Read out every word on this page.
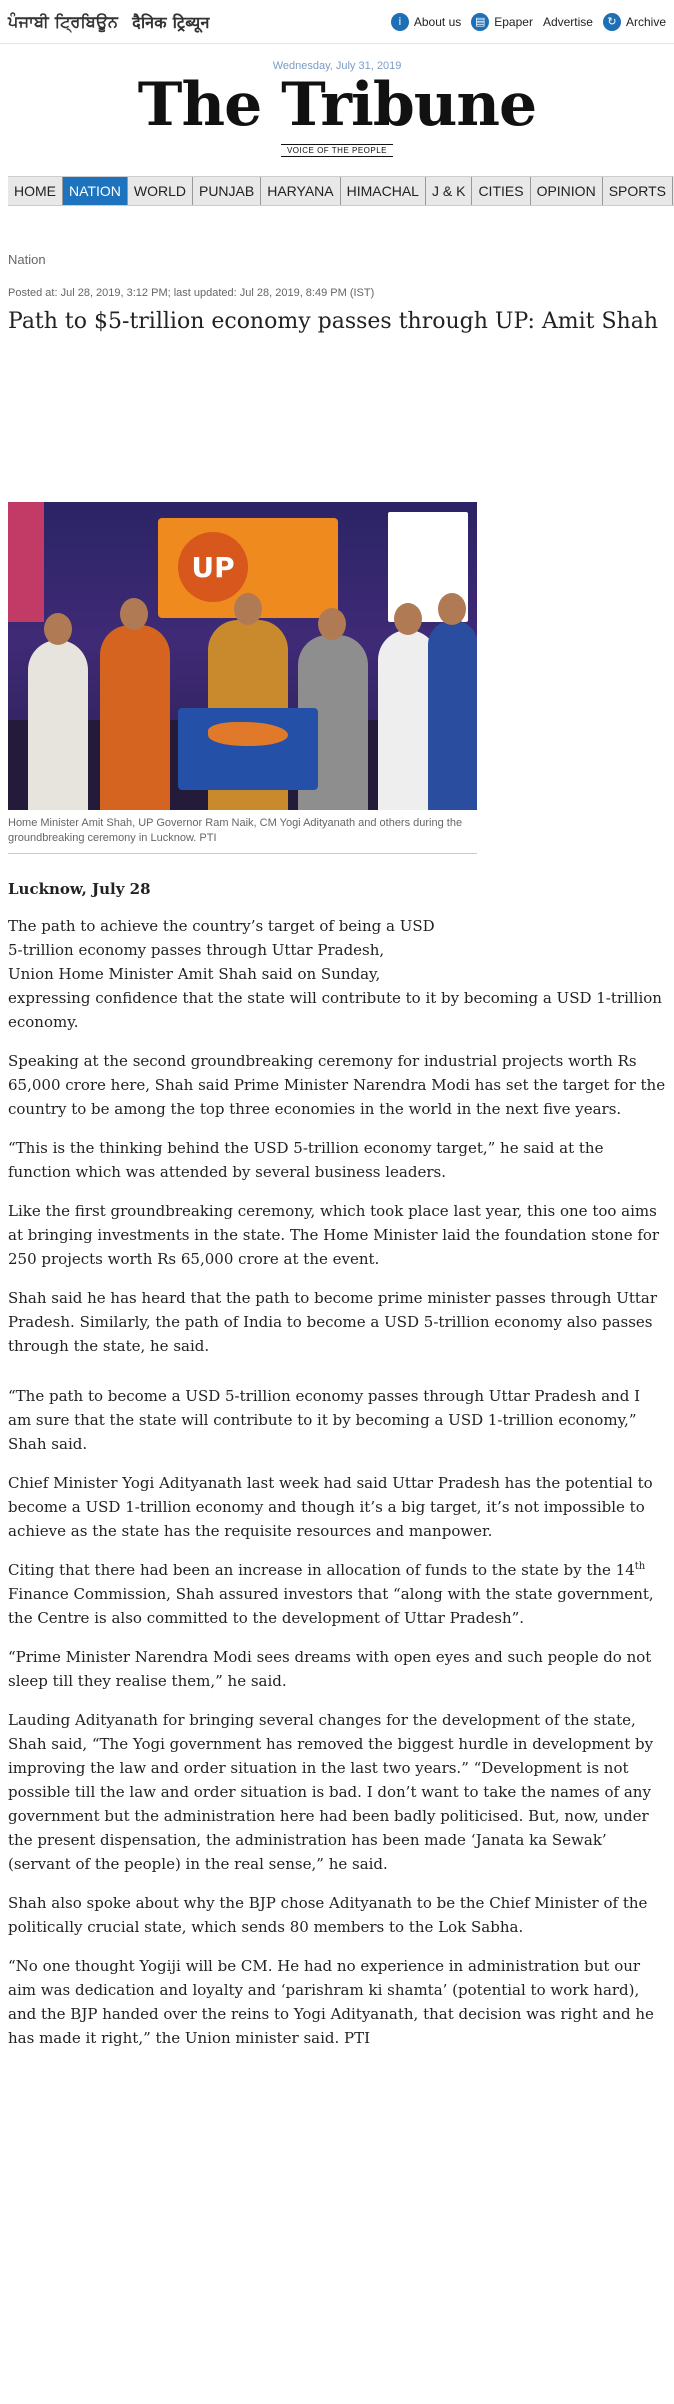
ਪੰਜਾਬੀ ਟ੍ਰਿਬਿਊਨ दैनिक ट्रिब्यून	i	About us	▤ Epaper Advertise	↻ Archive
Wednesday, July 31, 2019
The Tribune
VOICE OF THE PEOPLE
HOME NATION WORLD PUNJAB HARYANA HIMACHAL J & K CITIES OPINION SPORTS
Nation
Posted at: Jul 28, 2019, 3:12 PM; last updated: Jul 28, 2019, 8:49 PM (IST)
Path to $5-trillion economy passes through UP: Amit Shah
UP
Home Minister Amit Shah, UP Governor Ram Naik, CM Yogi Adityanath and others during the groundbreaking ceremony in Lucknow. PTI
Lucknow, July 28

The path to achieve the country’s target of being a USD
5-trillion economy passes through Uttar Pradesh,
Union Home Minister Amit Shah said on Sunday,
expressing confidence that the state will contribute to it by becoming a USD 1-trillion economy.

Speaking at the second groundbreaking ceremony for industrial projects worth Rs 65,000 crore here, Shah said Prime Minister Narendra Modi has set the target for the country to be among the top three economies in the world in the next five years.

“This is the thinking behind the USD 5-trillion economy target,” he said at the function which was attended by several business leaders.

Like the first groundbreaking ceremony, which took place last year, this one too aims at bringing investments in the state. The Home Minister laid the foundation stone for 250 projects worth Rs 65,000 crore at the event.

Shah said he has heard that the path to become prime minister passes through Uttar Pradesh. Similarly, the path of India to become a USD 5-trillion economy also passes through the state, he said.

“The path to become a USD 5-trillion economy passes through Uttar Pradesh and I am sure that the state will contribute to it by becoming a USD 1-trillion economy,” Shah said.

Chief Minister Yogi Adityanath last week had said Uttar Pradesh has the potential to become a USD 1-trillion economy and though it’s a big target, it’s not impossible to achieve as the state has the requisite resources and manpower.

Citing that there had been an increase in allocation of funds to the state by the 14th Finance Commission, Shah assured investors that “along with the state government, the Centre is also committed to the development of Uttar Pradesh”.

“Prime Minister Narendra Modi sees dreams with open eyes and such people do not sleep till they realise them,” he said.

Lauding Adityanath for bringing several changes for the development of the state, Shah said, “The Yogi government has removed the biggest hurdle in development by improving the law and order situation in the last two years.” “Development is not possible till the law and order situation is bad. I don’t want to take the names of any government but the administration here had been badly politicised. But, now, under the present dispensation, the administration has been made ‘Janata ka Sewak’ (servant of the people) in the real sense,” he said.

Shah also spoke about why the BJP chose Adityanath to be the Chief Minister of the politically crucial state, which sends 80 members to the Lok Sabha.

“No one thought Yogiji will be CM. He had no experience in administration but our aim was dedication and loyalty and ‘parishram ki shamta’ (potential to work hard), and the BJP handed over the reins to Yogi Adityanath, that decision was right and he has made it right,” the Union minister said. PTI
